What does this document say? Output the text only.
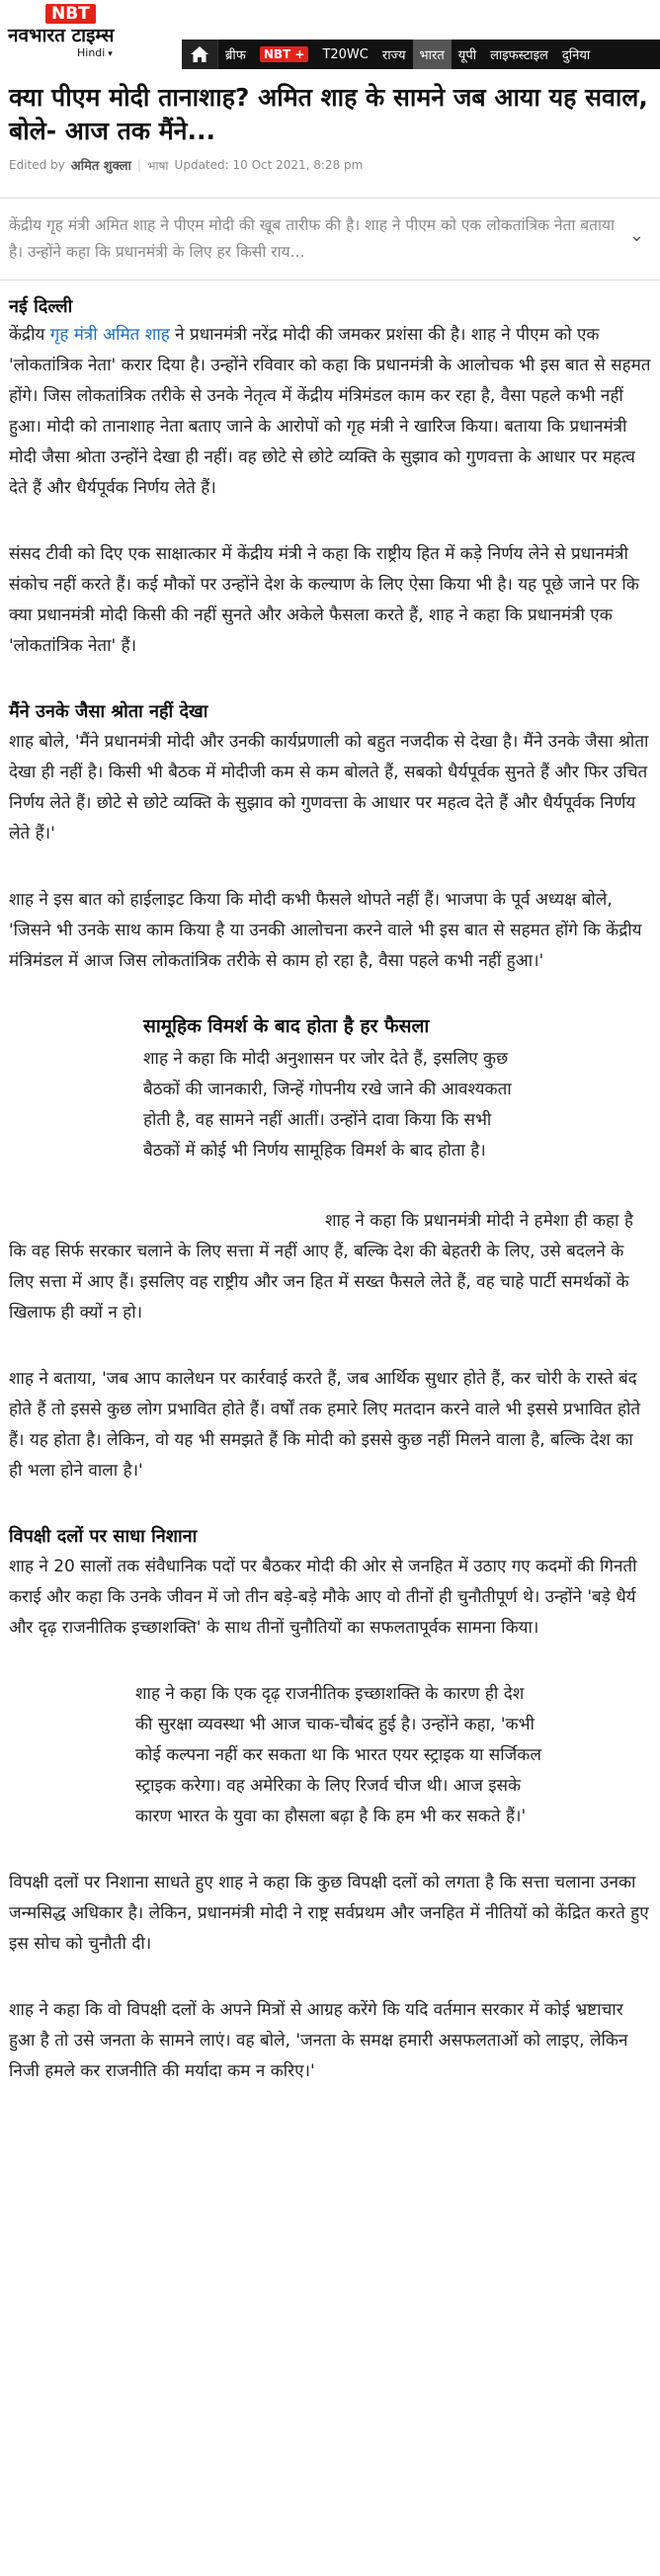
NBT
नवभारत टाइम्स
Hindi ▾	ब्रीफ	NBT +	T20WC	राज्य	भारत	यूपी	लाइफस्टाइल	दुनिया
क्या पीएम मोदी तानाशाह? अमित शाह के सामने जब आया यह सवाल, बोले- आज तक मैंने...
Edited by अमित शुक्ला | भाषा Updated: 10 Oct 2021, 8:28 pm
केंद्रीय गृह मंत्री अमित शाह ने पीएम मोदी की खूब तारीफ की है। शाह ने पीएम को एक लोकतांत्रिक नेता बताया है। उन्होंने कहा कि प्रधानमंत्री के लिए हर किसी राय...
⌄
नई दिल्ली

केंद्रीय गृह मंत्री अमित शाह ने प्रधानमंत्री नरेंद्र मोदी की जमकर प्रशंसा की है। शाह ने पीएम को एक 'लोकतांत्रिक नेता' करार दिया है। उन्होंने रविवार को कहा कि प्रधानमंत्री के आलोचक भी इस बात से सहमत होंगे। जिस लोकतांत्रिक तरीके से उनके नेतृत्व में केंद्रीय मंत्रिमंडल काम कर रहा है, वैसा पहले कभी नहीं हुआ। मोदी को तानाशाह नेता बताए जाने के आरोपों को गृह मंत्री ने खारिज किया। बताया कि प्रधानमंत्री मोदी जैसा श्रोता उन्होंने देखा ही नहीं। वह छोटे से छोटे व्यक्ति के सुझाव को गुणवत्ता के आधार पर महत्व देते हैं और धैर्यपूर्वक निर्णय लेते हैं।

संसद टीवी को दिए एक साक्षात्कार में केंद्रीय मंत्री ने कहा कि राष्ट्रीय हित में कड़े निर्णय लेने से प्रधानमंत्री संकोच नहीं करते हैं। कई मौकों पर उन्होंने देश के कल्याण के लिए ऐसा किया भी है। यह पूछे जाने पर कि क्या प्रधानमंत्री मोदी किसी की नहीं सुनते और अकेले फैसला करते हैं, शाह ने कहा कि प्रधानमंत्री एक 'लोकतांत्रिक नेता' हैं।

मैंने उनके जैसा श्रोता नहीं देखा

शाह बोले, 'मैंने प्रधानमंत्री मोदी और उनकी कार्यप्रणाली को बहुत नजदीक से देखा है। मैंने उनके जैसा श्रोता देखा ही नहीं है। किसी भी बैठक में मोदीजी कम से कम बोलते हैं, सबको धैर्यपूर्वक सुनते हैं और फिर उचित निर्णय लेते हैं। छोटे से छोटे व्यक्ति के सुझाव को गुणवत्ता के आधार पर महत्व देते हैं और धैर्यपूर्वक निर्णय लेते हैं।'

शाह ने इस बात को हाईलाइट किया कि मोदी कभी फैसले थोपते नहीं हैं। भाजपा के पूर्व अध्यक्ष बोले, 'जिसने भी उनके साथ काम किया है या उनकी आलोचना करने वाले भी इस बात से सहमत होंगे कि केंद्रीय मंत्रिमंडल में आज जिस लोकतांत्रिक तरीके से काम हो रहा है, वैसा पहले कभी नहीं हुआ।'

सामूहिक विमर्श के बाद होता है हर फैसला

शाह ने कहा कि मोदी अनुशासन पर जोर देते हैं, इसलिए कुछ बैठकों की जानकारी, जिन्हें गोपनीय रखे जाने की आवश्यकता होती है, वह सामने नहीं आतीं। उन्होंने दावा किया कि सभी बैठकों में कोई भी निर्णय सामूहिक विमर्श के बाद होता है।

शाह ने कहा कि प्रधानमंत्री मोदी ने हमेशा ही कहा है कि वह सिर्फ सरकार चलाने के लिए सत्ता में नहीं आए हैं, बल्कि देश की बेहतरी के लिए, उसे बदलने के लिए सत्ता में आए हैं। इसलिए वह राष्ट्रीय और जन हित में सख्त फैसले लेते हैं, वह चाहे पार्टी समर्थकों के खिलाफ ही क्यों न हो।

शाह ने बताया, 'जब आप कालेधन पर कार्रवाई करते हैं, जब आर्थिक सुधार होते हैं, कर चोरी के रास्ते बंद होते हैं तो इससे कुछ लोग प्रभावित होते हैं। वर्षों तक हमारे लिए मतदान करने वाले भी इससे प्रभावित होते हैं। यह होता है। लेकिन, वो यह भी समझते हैं कि मोदी को इससे कुछ नहीं मिलने वाला है, बल्कि देश का ही भला होने वाला है।'

विपक्षी दलों पर साधा निशाना

शाह ने 20 सालों तक संवैधानिक पदों पर बैठकर मोदी की ओर से जनहित में उठाए गए कदमों की गिनती कराई और कहा कि उनके जीवन में जो तीन बड़े-बड़े मौके आए वो तीनों ही चुनौतीपूर्ण थे। उन्होंने 'बड़े धैर्य और दृढ़ राजनीतिक इच्छाशक्ति' के साथ तीनों चुनौतियों का सफलतापूर्वक सामना किया।

शाह ने कहा कि एक दृढ़ राजनीतिक इच्छाशक्ति के कारण ही देश की सुरक्षा व्यवस्था भी आज चाक-चौबंद हुई है। उन्होंने कहा, 'कभी कोई कल्पना नहीं कर सकता था कि भारत एयर स्ट्राइक या सर्जिकल स्ट्राइक करेगा। वह अमेरिका के लिए रिजर्व चीज थी। आज इसके कारण भारत के युवा का हौसला बढ़ा है कि हम भी कर सकते हैं।'

विपक्षी दलों पर निशाना साधते हुए शाह ने कहा कि कुछ विपक्षी दलों को लगता है कि सत्ता चलाना उनका जन्मसिद्ध अधिकार है। लेकिन, प्रधानमंत्री मोदी ने राष्ट्र सर्वप्रथम और जनहित में नीतियों को केंद्रित करते हुए इस सोच को चुनौती दी।

शाह ने कहा कि वो विपक्षी दलों के अपने मित्रों से आग्रह करेंगे कि यदि वर्तमान सरकार में कोई भ्रष्टाचार हुआ है तो उसे जनता के सामने लाएं। वह बोले, 'जनता के समक्ष हमारी असफलताओं को लाइए, लेकिन निजी हमले कर राजनीति की मर्यादा कम न करिए।'
